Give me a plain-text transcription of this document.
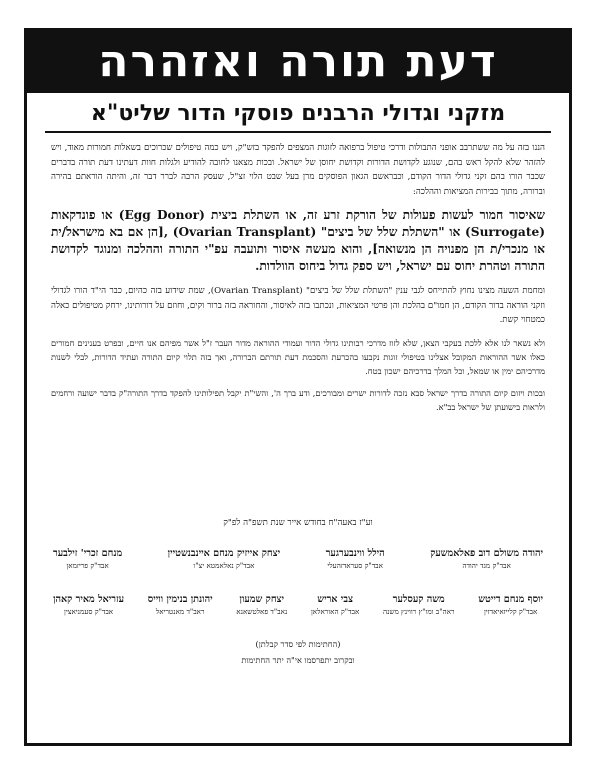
דעת תורה ואזהרה
מזקני וגדולי הרבנים פוסקי הדור שליט"א

הננו בזה על מה ששתרבב אופני התבולות ודרכי טיפול ברפואה לזוגות המצפים להפקד בזש"ק, ויש כמה טיפולים שכרוכים בשאלות חמורות מאוד, ויש להזהר שלא להקל ראש בהם, שנוגע לקדושת הדורות וקדושת יחוסן של ישראל. ובכות מצאנו לחובה להודיע ולגלות חוות דעתינו דעת תורה בדברים שכבר הורו בהם זקני גדולי הדור הקודם, וכבראשם הגאון הפוסקים מרן בעל שבט הלוי זצ"ל, שעסק הרבה לברר דבר זה, והיתה הוראתם בהירה וברורה, מתוך בבירות המציאות וההלכה:

שאיסור חמור לעשות פעולות של הורקת זרע זה, או השתלת ביצית (Egg Donor) או פונדקאות (Surrogate) או "השתלת שלל של ביצים" (Ovarian Transplant) ,[הן אם בא מישראל/ית או מנכרי/ת הן מפנויה הן מנשואה], והוא מעשה איסור ותועבה עפ"י התורה וההלכה ומנוגד לקדושת התורה וטהרת יחוס עם ישראל, ויש ספק גדול ביחוס הוולדות.

ומחמת השעה מצינו נחוץ להתייחס לגבי ענין "השתלת שלל של ביצים" (Ovarian Transplant), שמת שידוע בזה כהיום, כבר הי"ד הורו לגדולי וזקני הוראה בדור הקודם, הן חמו"ם בהלכת והן פרטי המציאות, ונכתבו בזה לאיסור, והחוראה בזה ברור וקים, וחוזם על דורותינו, ירחק מטיפולים כאלה כמטחוי קשת.

ולא נשאר לנו אלא ללכת בעקבי הצאן, שלא לזוז מדרכי רבותינו גדולי הדור ועמודי ההוראה מדור העבר ז"ל אשר מפיהם אנו חיים, ובפרט בענינים חמורים כאלו אשר ההוראות המקובל אצלינו בטיפולי זוגות נקבעו בהכרעת והסכמת דעת תורתם הברורה, ואך בזה תלוי קיום התורה ועתיד הדורות, לבלי לשנות מדרכיהם ימין או שמאל, וכל המלך בדרכיהם ישכון בטח.

ובכות ויזום קיום התורה בדרך ישראל סבא נזכה לדורות ישרים ומבורכים, ודע ברך ה', והשי"ת יקבל תפילותינו להפקד בדרך התורה"ק בדבר ישועה ורחמים ולראות בישועתן של ישראל בב"א.

וע"ז באעה"ח בחודש אייר שנת תשפ"ה לפ"ק
מנחם זכרי' זילבער
אבד"ק פריזמאן
יצחק אייזיק מנחם איינבנשטיין
אבד"ק נאלאמטא יצ"ו
הילל ווינבערגער
אבד"ק סעראדזהעלי
יהודה משולם דוב פאלאמשעק
אבד"ק מגד יהודה
עזריאל מאיר קאהן
אבד"ק סעמניאצין
יהונתן בנימין ווייס
ראב"ד מאנטריאל
יצחק שמעון
נאב"ד פאלטשאנא
צבי אריש
אבד"ק האוראלאן
משה קעסלער
ראה"ב ומו"ץ רווינץ משנה
יוסף מנחם דייטש
אבד"ק קלייזאיאדזין
(החתימות לפי סדר קבלתן)
ובקרוב יתפרסמו אי"ה יתר החתימות
